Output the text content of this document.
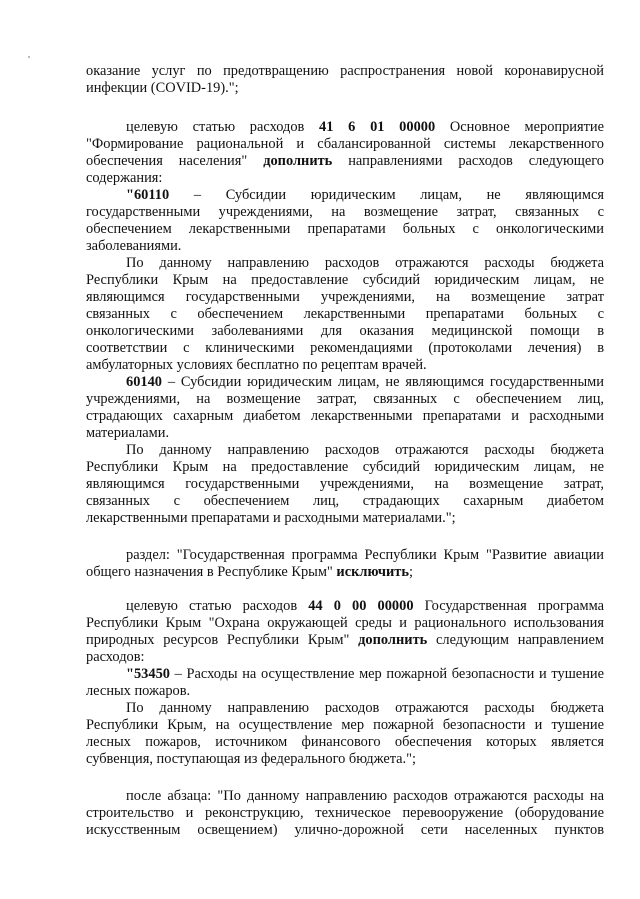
оказание услуг по предотвращению распространения новой коронавирусной
инфекции (COVID-19).";
целевую статью расходов 41 6 01 00000 Основное мероприятие
"Формирование рациональной и сбалансированной системы лекарственного
обеспечения населения" дополнить направлениями расходов следующего
содержания:
"60110 – Субсидии юридическим лицам, не являющимся
государственными учреждениями, на возмещение затрат, связанных с
обеспечением лекарственными препаратами больных с онкологическими
заболеваниями.
По данному направлению расходов отражаются расходы бюджета
Республики Крым на предоставление субсидий юридическим лицам, не
являющимся государственными учреждениями, на возмещение затрат
связанных с обеспечением лекарственными препаратами больных с
онкологическими заболеваниями для оказания медицинской помощи в
соответствии с клиническими рекомендациями (протоколами лечения) в
амбулаторных условиях бесплатно по рецептам врачей.
60140 – Субсидии юридическим лицам, не являющимся государственными
учреждениями, на возмещение затрат, связанных с обеспечением лиц,
страдающих сахарным диабетом лекарственными препаратами и расходными
материалами.
По данному направлению расходов отражаются расходы бюджета
Республики Крым на предоставление субсидий юридическим лицам, не
являющимся государственными учреждениями, на возмещение затрат,
связанных с обеспечением лиц, страдающих сахарным диабетом
лекарственными препаратами и расходными материалами.";
раздел: "Государственная программа Республики Крым "Развитие авиации
общего назначения в Республике Крым" исключить;
целевую статью расходов 44 0 00 00000 Государственная программа
Республики Крым "Охрана окружающей среды и рационального использования
природных ресурсов Республики Крым" дополнить следующим направлением
расходов:
"53450 – Расходы на осуществление мер пожарной безопасности и тушение
лесных пожаров.
По данному направлению расходов отражаются расходы бюджета
Республики Крым, на осуществление мер пожарной безопасности и тушение
лесных пожаров, источником финансового обеспечения которых является
субвенция, поступающая из федерального бюджета.";
после абзаца: "По данному направлению расходов отражаются расходы на
строительство и реконструкцию, техническое перевооружение (оборудование
искусственным освещением) улично-дорожной сети населенных пунктов
